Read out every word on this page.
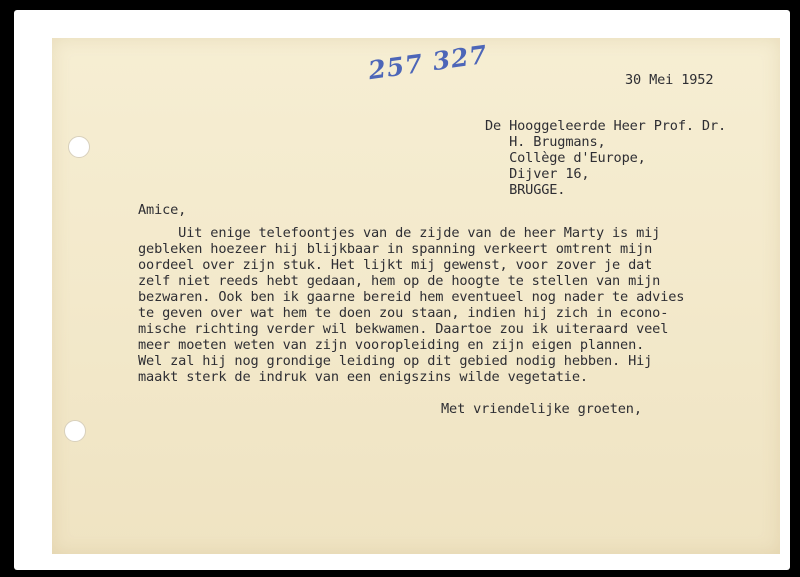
257 327	30 Mei 1952
De Hooggeleerde Heer Prof. Dr.
H. Brugmans,
Collège d'Europe,
Dijver 16,
BRUGGE.
Amice,
Uit enige telefoontjes van de zijde van de heer Marty is mij
gebleken hoezeer hij blijkbaar in spanning verkeert omtrent mijn
oordeel over zijn stuk. Het lijkt mij gewenst, voor zover je dat
zelf niet reeds hebt gedaan, hem op de hoogte te stellen van mijn
bezwaren. Ook ben ik gaarne bereid hem eventueel nog nader te advies
te geven over wat hem te doen zou staan, indien hij zich in econo-
mische richting verder wil bekwamen. Daartoe zou ik uiteraard veel
meer moeten weten van zijn vooropleiding en zijn eigen plannen.
Wel zal hij nog grondige leiding op dit gebied nodig hebben. Hij
maakt sterk de indruk van een enigszins wilde vegetatie.
Met vriendelijke groeten,
